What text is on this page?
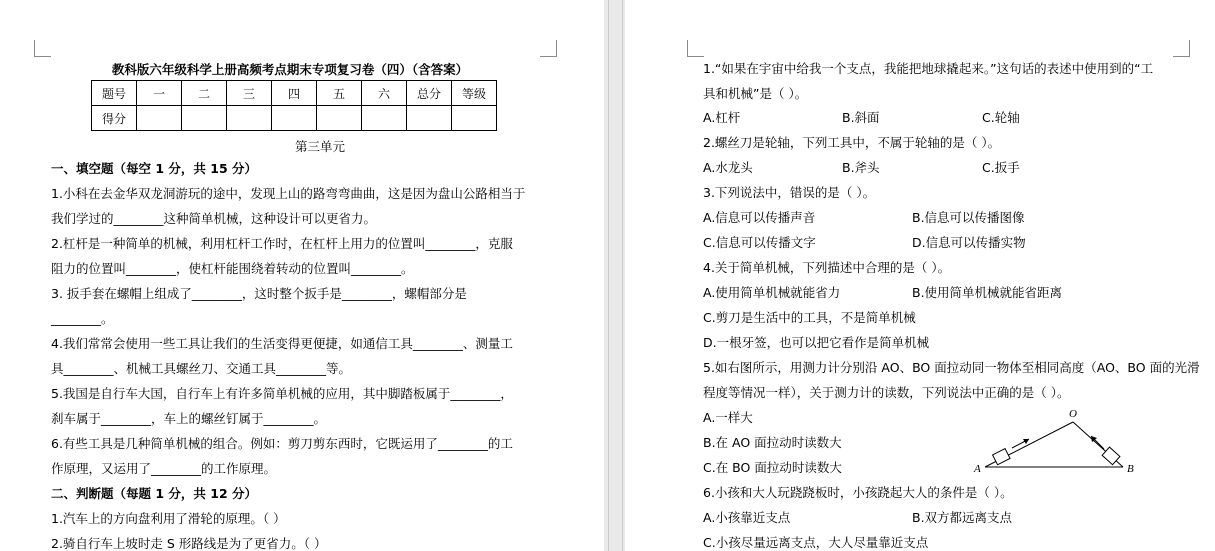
教科版六年级科学上册高频考点期末专项复习卷（四）（含答案）
题号	一	二	三	四	五	六	总分	等级
得分								
第三单元
一、填空题（每空 1 分，共 15 分）
1.小科在去金华双龙洞游玩的途中，发现上山的路弯弯曲曲，这是因为盘山公路相当于
我们学过的________这种简单机械，这种设计可以更省力。
2.杠杆是一种简单的机械，利用杠杆工作时，在杠杆上用力的位置叫________，克服
阻力的位置叫________，使杠杆能围绕着转动的位置叫________。
3. 扳手套在螺帽上组成了________，这时整个扳手是________，螺帽部分是
________。
4.我们常常会使用一些工具让我们的生活变得更便捷，如通信工具________、测量工
具________、机械工具螺丝刀、交通工具________等。
5.我国是自行车大国，自行车上有许多简单机械的应用，其中脚踏板属于________，
刹车属于________，车上的螺丝钉属于________。
6.有些工具是几种简单机械的组合。例如：剪刀剪东西时，它既运用了________的工
作原理，又运用了________的工作原理。
二、判断题（每题 1 分，共 12 分）
1.汽车上的方向盘利用了滑轮的原理。（ ）
2.骑自行车上坡时走 S 形路线是为了更省力。（ ）
1.“如果在宇宙中给我一个支点，我能把地球撬起来。”这句话的表述中使用到的“工
具和机械”是（ ）。
A.杠杆	B.斜面	C.轮轴
2.螺丝刀是轮轴，下列工具中，不属于轮轴的是（ ）。
A.水龙头	B.斧头	C.扳手
3.下列说法中，错误的是（ ）。
A.信息可以传播声音	B.信息可以传播图像
C.信息可以传播文字	D.信息可以传播实物
4.关于简单机械，下列描述中合理的是（ ）。
A.使用简单机械就能省力	B.使用简单机械就能省距离
C.剪刀是生活中的工具，不是简单机械
D.一根牙签，也可以把它看作是简单机械
5.如右图所示，用测力计分别沿 AO、BO 面拉动同一物体至相同高度（AO、BO 面的光滑
程度等情况一样），关于测力计的读数，下列说法中正确的是（ ）。
A.一样大
B.在 AO 面拉动时读数大
C.在 BO 面拉动时读数大
6.小孩和大人玩跷跷板时，小孩跷起大人的条件是（ ）。
A.小孩靠近支点	B.双方都远离支点
C.小孩尽量远离支点，大人尽量靠近支点
O
A	B
